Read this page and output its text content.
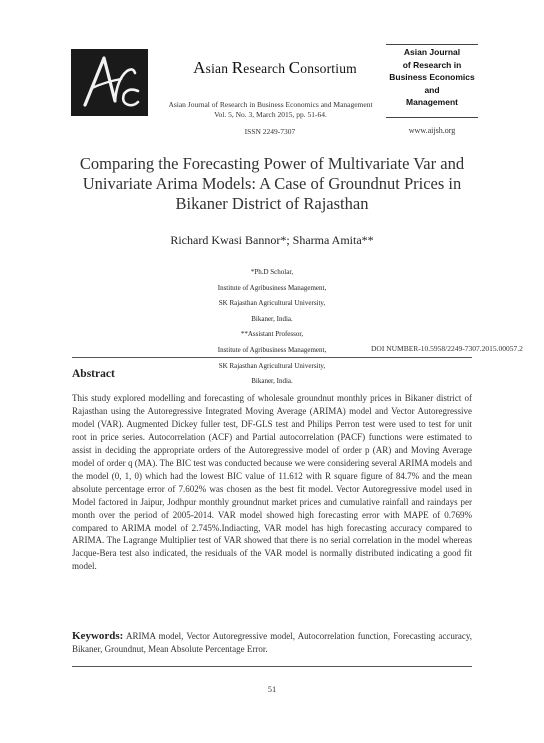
Asian Research Consortium
Asian Journal of Research in Business Economics and Management
Vol. 5, No. 3, March 2015, pp. 51-64.
ISSN 2249-7307
Asian Journal
of Research in
Business Economics
and
Management
www.aijsh.org
Comparing the Forecasting Power of Multivariate Var and
Univariate Arima Models: A Case of Groundnut Prices in
Bikaner District of Rajasthan
Richard Kwasi Bannor*; Sharma Amita**
*Ph.D Scholar,
Institute of Agribusiness Management,
SK Rajasthan Agricultural University,
Bikaner, India.
**Assistant Professor,
Institute of Agribusiness Management,
SK Rajasthan Agricultural University,
Bikaner, India.
DOI NUMBER-10.5958/2249-7307.2015.00057.2
Abstract

This study explored modelling and forecasting of wholesale groundnut monthly prices in Bikaner district of Rajasthan using the Autoregressive Integrated Moving Average (ARIMA) model and Vector Autoregressive model (VAR). Augmented Dickey fuller test, DF-GLS test and Philips Perron test were used to test for unit root in price series. Autocorrelation (ACF) and Partial autocorrelation (PACF) functions were estimated to assist in deciding the appropriate orders of the Autoregressive model of order p (AR) and Moving Average model of order q (MA). The BIC test was conducted because we were considering several ARIMA models and the model (0, 1, 0) which had the lowest BIC value of 11.612 with R square figure of 84.7% and the mean absolute percentage error of 7.602% was chosen as the best fit model. Vector Autoregressive model used in Model factored in Jaipur, Jodhpur monthly groundnut market prices and cumulative rainfall and raindays per month over the period of 2005-2014. VAR model showed high forecasting error with MAPE of 0.769% compared to ARIMA model of 2.745%.Indiacting, VAR model has high forecasting accuracy compared to ARIMA. The Lagrange Multiplier test of VAR showed that there is no serial correlation in the model whereas Jacque-Bera test also indicated, the residuals of the VAR model is normally distributed indicating a good fit model.

Keywords: ARIMA model, Vector Autoregressive model, Autocorrelation function, Forecasting accuracy, Bikaner, Groundnut, Mean Absolute Percentage Error.

51
